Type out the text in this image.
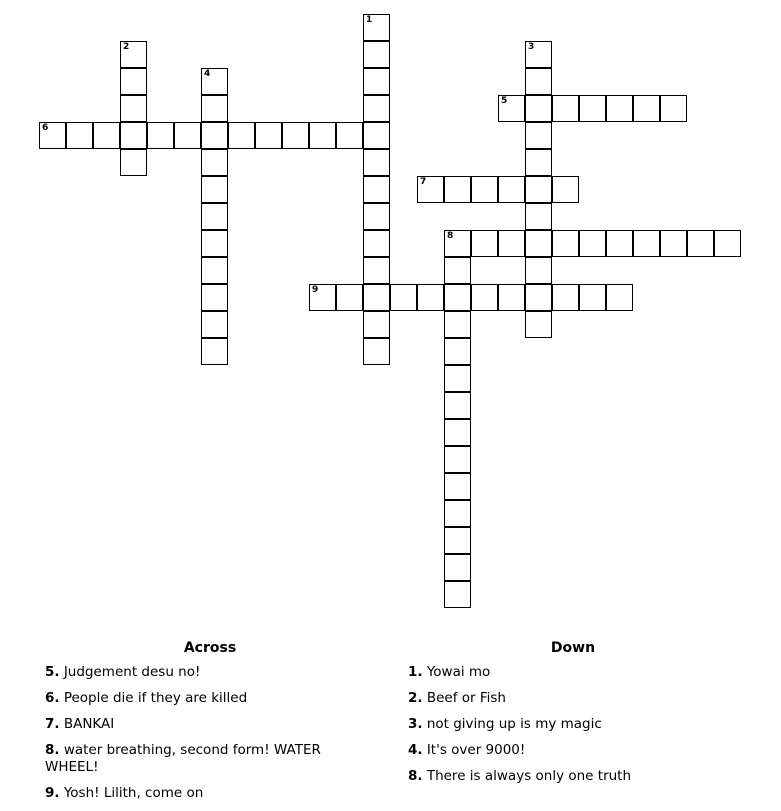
1
2	3
4
5
6
7
8
9
Across
5. Judgement desu no!
6. People die if they are killed
7. BANKAI
8. water breathing, second form! WATER WHEEL!
9. Yosh! Lilith, come on
Down
1. Yowai mo
2. Beef or Fish
3. not giving up is my magic
4. It's over 9000!
8. There is always only one truth
